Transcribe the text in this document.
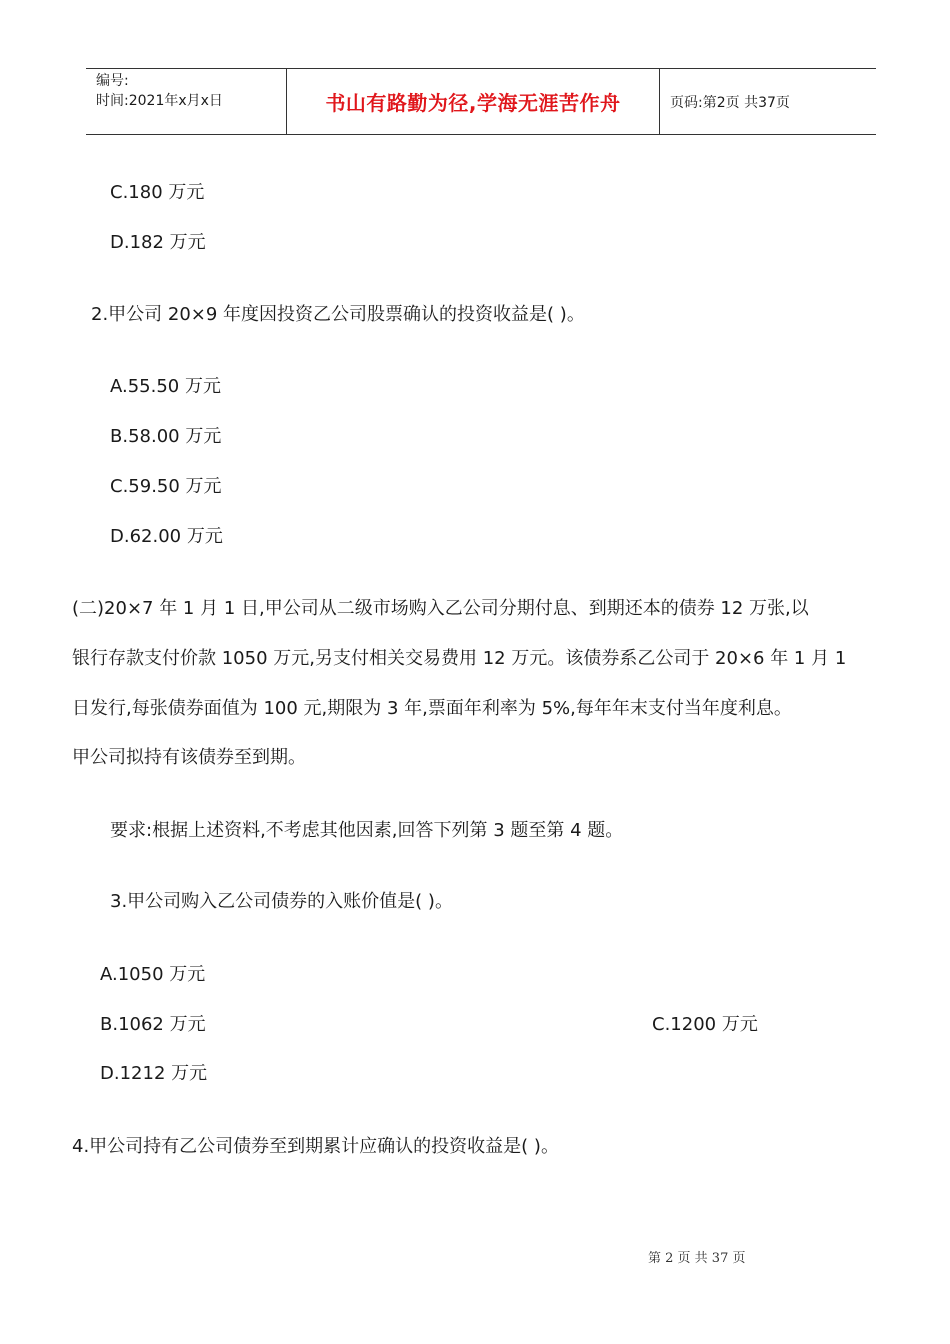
编号:
时间:2021年x月x日	书山有路勤为径,学海无涯苦作舟	页码:第2页 共37页
C.180 万元
D.182 万元
2.甲公司 20×9 年度因投资乙公司股票确认的投资收益是( )。
A.55.50 万元
B.58.00 万元
C.59.50 万元
D.62.00 万元
(二)20×7 年 1 月 1 日,甲公司从二级市场购入乙公司分期付息、到期还本的债券 12 万张,以
银行存款支付价款 1050 万元,另支付相关交易费用 12 万元。该债券系乙公司于 20×6 年 1 月 1
日发行,每张债券面值为 100 元,期限为 3 年,票面年利率为 5%,每年年末支付当年度利息。
甲公司拟持有该债券至到期。
要求:根据上述资料,不考虑其他因素,回答下列第 3 题至第 4 题。
3.甲公司购入乙公司债券的入账价值是( )。
A.1050 万元
B.1062 万元	C.1200 万元
D.1212 万元
4.甲公司持有乙公司债券至到期累计应确认的投资收益是( )。
第 2 页 共 37 页
